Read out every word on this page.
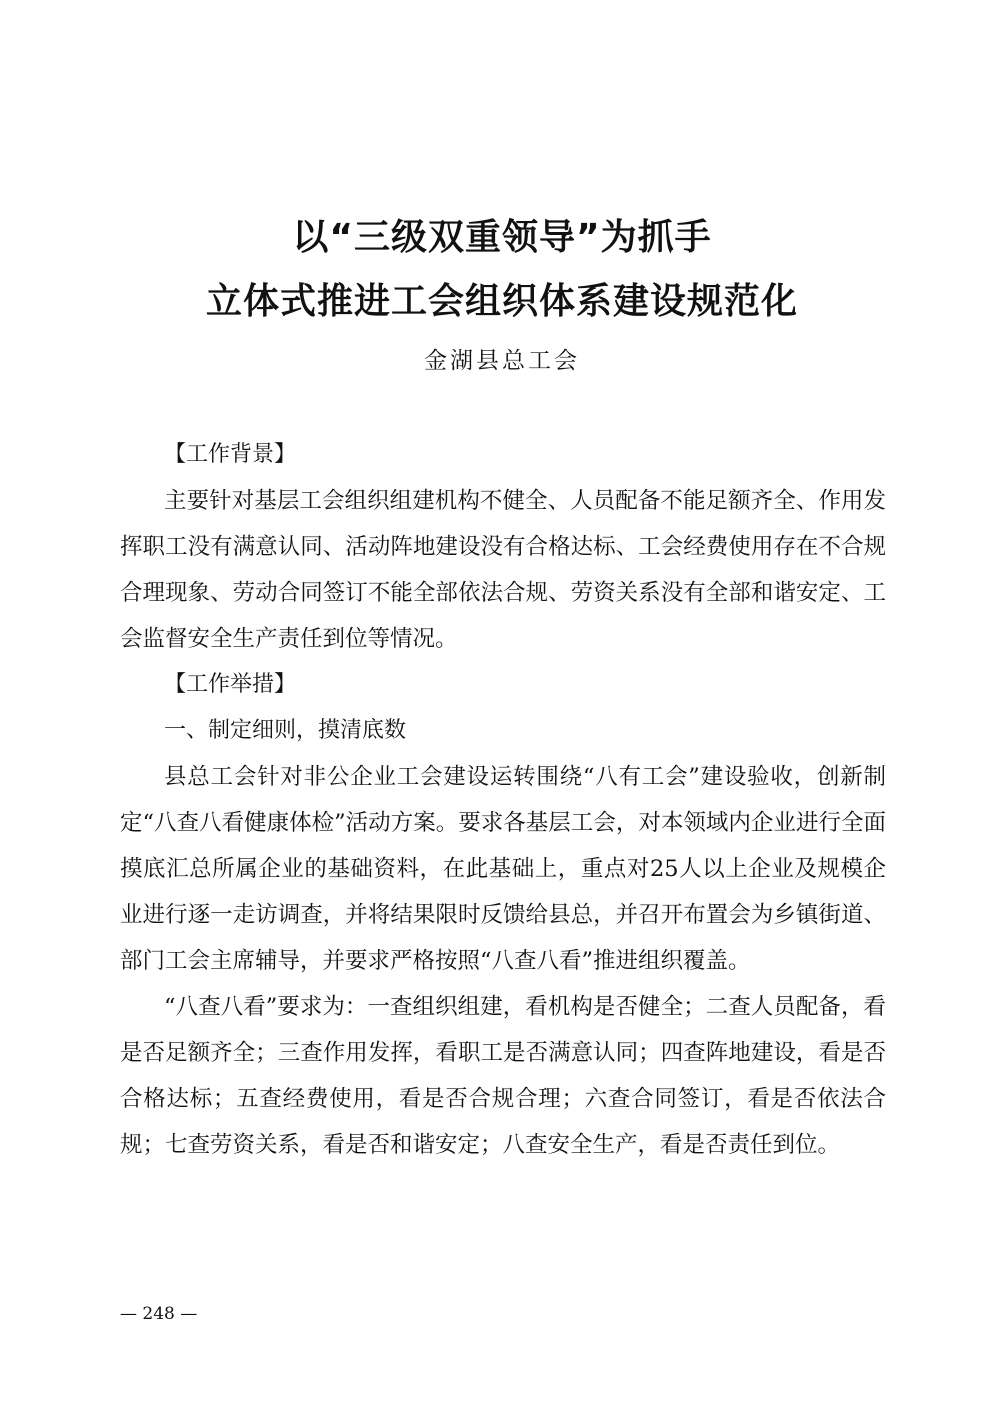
以“三级双重领导”为抓手
立体式推进工会组织体系建设规范化

金湖县总工会

【工作背景】

主要针对基层工会组织组建机构不健全、人员配备不能足额齐全、作用发挥职工没有满意认同、活动阵地建设没有合格达标、工会经费使用存在不合规合理现象、劳动合同签订不能全部依法合规、劳资关系没有全部和谐安定、工会监督安全生产责任到位等情况。

【工作举措】
一、制定细则，摸清底数

县总工会针对非公企业工会建设运转围绕“八有工会”建设验收，创新制定“八查八看健康体检”活动方案。要求各基层工会，对本领域内企业进行全面摸底汇总所属企业的基础资料，在此基础上，重点对25人以上企业及规模企业进行逐一走访调查，并将结果限时反馈给县总，并召开布置会为乡镇街道、部门工会主席辅导，并要求严格按照“八查八看”推进组织覆盖。

“八查八看”要求为：一查组织组建，看机构是否健全；二查人员配备，看是否足额齐全；三查作用发挥，看职工是否满意认同；四查阵地建设，看是否合格达标；五查经费使用，看是否合规合理；六查合同签订，看是否依法合规；七查劳资关系，看是否和谐安定；八查安全生产，看是否责任到位。

— 248 —
